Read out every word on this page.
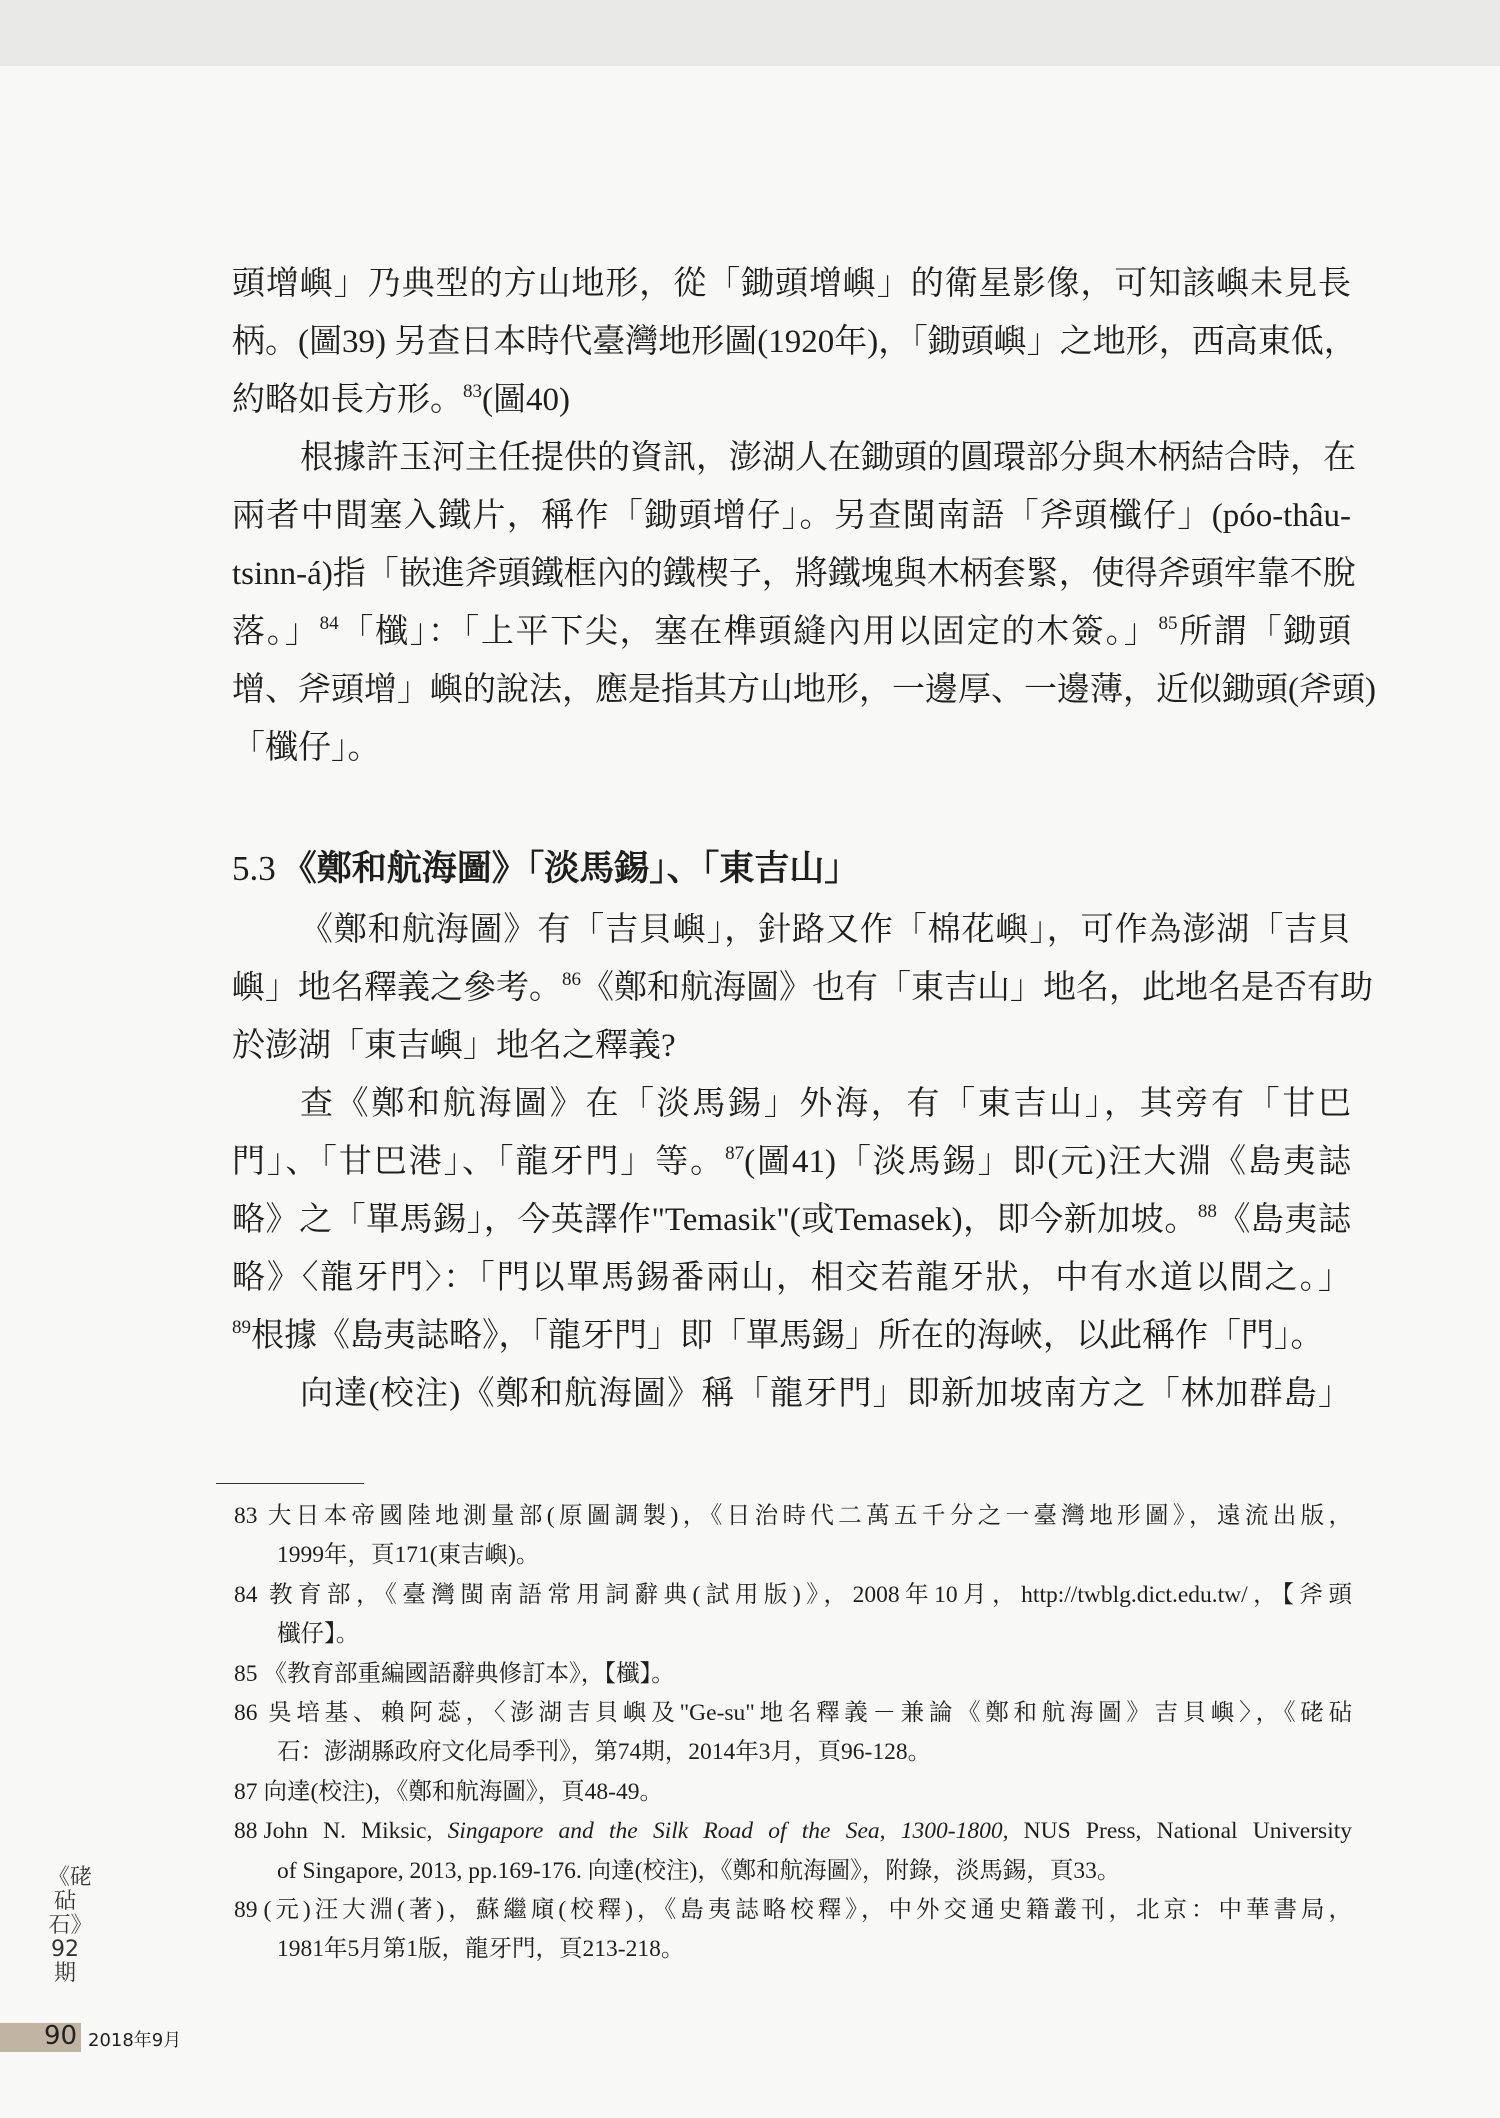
頭增嶼」乃典型的方山地形，從「鋤頭增嶼」的衛星影像，可知該嶼未見長
柄。(圖39) 另查日本時代臺灣地形圖(1920年)，「鋤頭嶼」之地形，西高東低，
約略如長方形。$^{83}$(圖40)
根據許玉河主任提供的資訊，澎湖人在鋤頭的圓環部分與木柄結合時，在
兩者中間塞入鐵片，稱作「鋤頭增仔」。另查閩南語「斧頭櫼仔」(póo-thâu-
tsinn-á)指「嵌進斧頭鐵框內的鐵楔子，將鐵塊與木柄套緊，使得斧頭牢靠不脫
落。」$^{84}$「櫼」：「上平下尖，塞在榫頭縫內用以固定的木簽。」$^{85}$所謂「鋤頭
增、斧頭增」嶼的說法，應是指其方山地形，一邊厚、一邊薄，近似鋤頭(斧頭)
「櫼仔」。
5.3 《鄭和航海圖》「淡馬錫」、「東吉山」
《鄭和航海圖》有「吉貝嶼」，針路又作「棉花嶼」，可作為澎湖「吉貝
嶼」地名釋義之參考。$^{86}$《鄭和航海圖》也有「東吉山」地名，此地名是否有助
於澎湖「東吉嶼」地名之釋義?
查《鄭和航海圖》在「淡馬錫」外海，有「東吉山」，其旁有「甘巴
門」、「甘巴港」、「龍牙門」等。$^{87}$(圖41)「淡馬錫」即(元)汪大淵《島夷誌
略》之「單馬錫」，今英譯作"Temasik"(或Temasek)，即今新加坡。$^{88}$《島夷誌
略》〈龍牙門〉：「門以單馬錫番兩山，相交若龍牙狀，中有水道以間之。」
$^{89}$根據《島夷誌略》，「龍牙門」即「單馬錫」所在的海峽，以此稱作「門」。
向達(校注)《鄭和航海圖》稱「龍牙門」即新加坡南方之「林加群島」
83 大日本帝國陸地測量部(原圖調製)，《日治時代二萬五千分之一臺灣地形圖》，遠流出版，
1999年，頁171(東吉嶼)。
84 教育部，《臺灣閩南語常用詞辭典(試用版)》，2008年10月，http://twblg.dict.edu.tw/，【斧頭
櫼仔】。
85 《教育部重編國語辭典修訂本》，【櫼】。
86 吳培基、賴阿蕊，〈澎湖吉貝嶼及"Ge-su"地名釋義－兼論《鄭和航海圖》吉貝嶼〉，《硓砧
石：澎湖縣政府文化局季刊》，第74期，2014年3月，頁96-128。
87 向達(校注)，《鄭和航海圖》，頁48-49。
88 John N. Miksic, Singapore and the Silk Road of the Sea, 1300-1800, NUS Press, National University
of Singapore, 2013, pp.169-176. 向達(校注)，《鄭和航海圖》，附錄，淡馬錫，頁33。
89 (元)汪大淵(著)，蘇繼廎(校釋)，《島夷誌略校釋》，中外交通史籍叢刊，北京：中華書局，
1981年5月第1版，龍牙門，頁213-218。
《硓砧石》92期
90 2018年9月
